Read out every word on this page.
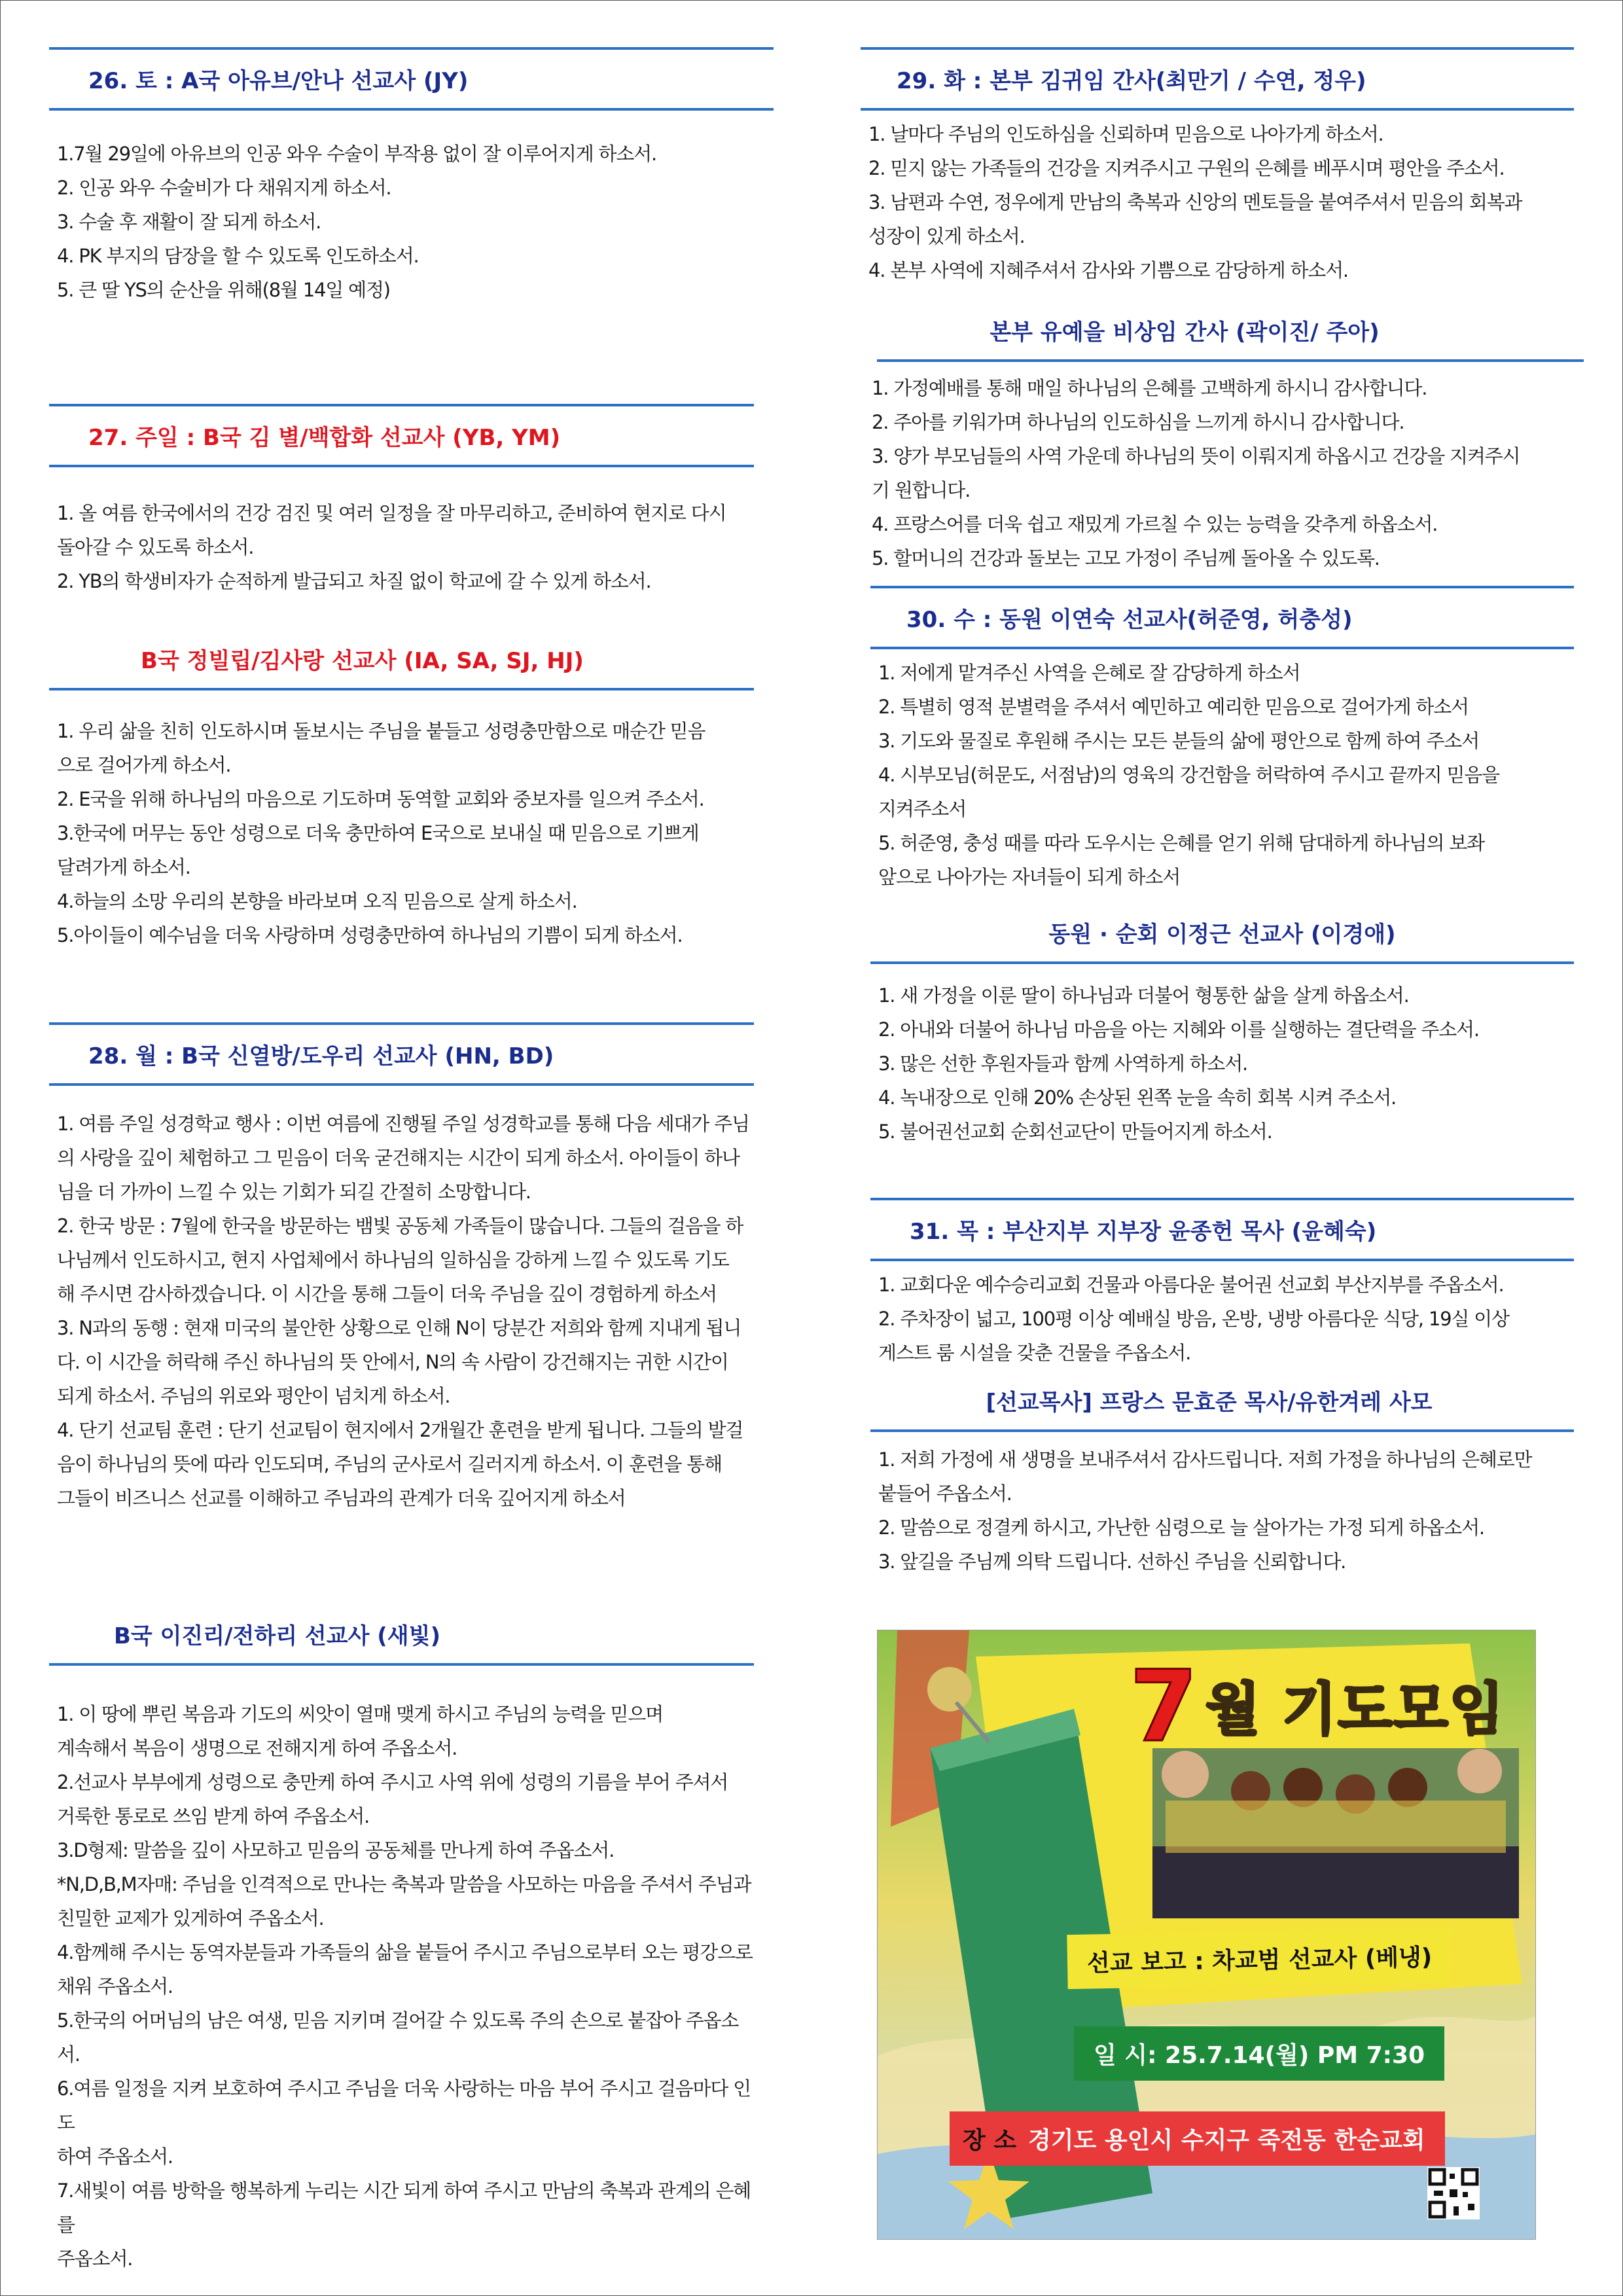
26. 토 : A국 아유브/안나 선교사 (JY)
1.7월 29일에 아유브의 인공 와우 수술이 부작용 없이 잘 이루어지게 하소서.
2. 인공 와우 수술비가 다 채워지게 하소서.
3. 수술 후 재활이 잘 되게 하소서.
4. PK 부지의 담장을 할 수 있도록 인도하소서.
5. 큰 딸 YS의 순산을 위해(8월 14일 예정)
27. 주일 : B국 김 별/백합화 선교사 (YB, YM)
1. 올 여름 한국에서의 건강 검진 및 여러 일정을 잘 마무리하고, 준비하여 현지로 다시
돌아갈 수 있도록 하소서.
2. YB의 학생비자가 순적하게 발급되고 차질 없이 학교에 갈 수 있게 하소서.
B국 정빌립/김사랑 선교사 (IA, SA, SJ, HJ)
1. 우리 삶을 친히 인도하시며 돌보시는 주님을 붙들고 성령충만함으로 매순간 믿음
으로 걸어가게 하소서.
2. E국을 위해 하나님의 마음으로 기도하며 동역할 교회와 중보자를 일으켜 주소서.
3.한국에 머무는 동안 성령으로 더욱 충만하여 E국으로 보내실 때 믿음으로 기쁘게
달려가게 하소서.
4.하늘의 소망 우리의 본향을 바라보며 오직 믿음으로 살게 하소서.
5.아이들이 예수님을 더욱 사랑하며 성령충만하여 하나님의 기쁨이 되게 하소서.
28. 월 : B국 신열방/도우리 선교사 (HN, BD)
1. 여름 주일 성경학교 행사 : 이번 여름에 진행될 주일 성경학교를 통해 다음 세대가 주님
의 사랑을 깊이 체험하고 그 믿음이 더욱 굳건해지는 시간이 되게 하소서. 아이들이 하나
님을 더 가까이 느낄 수 있는 기회가 되길 간절히 소망합니다.
2. 한국 방문 : 7월에 한국을 방문하는 뱀빛 공동체 가족들이 많습니다. 그들의 걸음을 하
나님께서 인도하시고, 현지 사업체에서 하나님의 일하심을 강하게 느낄 수 있도록 기도
해 주시면 감사하겠습니다. 이 시간을 통해 그들이 더욱 주님을 깊이 경험하게 하소서
3. N과의 동행 : 현재 미국의 불안한 상황으로 인해 N이 당분간 저희와 함께 지내게 됩니
다. 이 시간을 허락해 주신 하나님의 뜻 안에서, N의 속 사람이 강건해지는 귀한 시간이
되게 하소서. 주님의 위로와 평안이 넘치게 하소서.
4. 단기 선교팀 훈련 : 단기 선교팀이 현지에서 2개월간 훈련을 받게 됩니다. 그들의 발걸
음이 하나님의 뜻에 따라 인도되며, 주님의 군사로서 길러지게 하소서. 이 훈련을 통해
그들이 비즈니스 선교를 이해하고 주님과의 관계가 더욱 깊어지게 하소서
B국 이진리/전하리 선교사 (새빛)
1. 이 땅에 뿌린 복음과 기도의 씨앗이 열매 맺게 하시고 주님의 능력을 믿으며
계속해서 복음이 생명으로 전해지게 하여 주옵소서.
2.선교사 부부에게 성령으로 충만케 하여 주시고 사역 위에 성령의 기름을 부어 주셔서
거룩한 통로로 쓰임 받게 하여 주옵소서.
3.D형제: 말씀을 깊이 사모하고 믿음의 공동체를 만나게 하여 주옵소서.
*N,D,B,M자매: 주님을 인격적으로 만나는 축복과 말씀을 사모하는 마음을 주셔서 주님과
친밀한 교제가 있게하여 주옵소서.
4.함께해 주시는 동역자분들과 가족들의 삶을 붙들어 주시고 주님으로부터 오는 평강으로
채워 주옵소서.
5.한국의 어머님의 남은 여생, 믿음 지키며 걸어갈 수 있도록 주의 손으로 붙잡아 주옵소서.
6.여름 일정을 지켜 보호하여 주시고 주님을 더욱 사랑하는 마음 부어 주시고 걸음마다 인도
하여 주옵소서.
7.새빛이 여름 방학을 행복하게 누리는 시간 되게 하여 주시고 만남의 축복과 관계의 은혜를
주옵소서.
29. 화 : 본부 김귀임 간사(최만기 / 수연, 정우)
1. 날마다 주님의 인도하심을 신뢰하며 믿음으로 나아가게 하소서.
2. 믿지 않는 가족들의 건강을 지켜주시고 구원의 은혜를 베푸시며 평안을 주소서.
3. 남편과 수연, 정우에게 만남의 축복과 신앙의 멘토들을 붙여주셔서 믿음의 회복과
성장이 있게 하소서.
4. 본부 사역에 지혜주셔서 감사와 기쁨으로 감당하게 하소서.
본부 유예을 비상임 간사 (곽이진/ 주아)
1. 가정예배를 통해 매일 하나님의 은혜를 고백하게 하시니 감사합니다.
2. 주아를 키워가며 하나님의 인도하심을 느끼게 하시니 감사합니다.
3. 양가 부모님들의 사역 가운데 하나님의 뜻이 이뤄지게 하옵시고 건강을 지켜주시
기 원합니다.
4. 프랑스어를 더욱 쉽고 재밌게 가르칠 수 있는 능력을 갖추게 하옵소서.
5. 할머니의 건강과 돌보는 고모 가정이 주님께 돌아올 수 있도록.
30. 수 : 동원 이연숙 선교사(허준영, 허충성)
1. 저에게 맡겨주신 사역을 은혜로 잘 감당하게 하소서
2. 특별히 영적 분별력을 주셔서 예민하고 예리한 믿음으로 걸어가게 하소서
3. 기도와 물질로 후원해 주시는 모든 분들의 삶에 평안으로 함께 하여 주소서
4. 시부모님(허문도, 서점남)의 영육의 강건함을 허락하여 주시고 끝까지 믿음을
지켜주소서
5. 허준영, 충성 때를 따라 도우시는 은혜를 얻기 위해 담대하게 하나님의 보좌
앞으로 나아가는 자녀들이 되게 하소서
동원 · 순회 이정근 선교사 (이경애)
1. 새 가정을 이룬 딸이 하나님과 더불어 형통한 삶을 살게 하옵소서.
2. 아내와 더불어 하나님 마음을 아는 지혜와 이를 실행하는 결단력을 주소서.
3. 많은 선한 후원자들과 함께 사역하게 하소서.
4. 녹내장으로 인해 20% 손상된 왼쪽 눈을 속히 회복 시켜 주소서.
5. 불어권선교회 순회선교단이 만들어지게 하소서.
31. 목 : 부산지부 지부장 윤종헌 목사 (윤혜숙)
1. 교회다운 예수승리교회 건물과 아름다운 불어권 선교회 부산지부를 주옵소서.
2. 주차장이 넓고, 100평 이상 예배실 방음, 온방, 냉방 아름다운 식당, 19실 이상
게스트 룸 시설을 갖춘 건물을 주옵소서.
[선교목사] 프랑스 문효준 목사/유한겨레 사모
1. 저희 가정에 새 생명을 보내주셔서 감사드립니다. 저희 가정을 하나님의 은혜로만
붙들어 주옵소서.
2. 말씀으로 정결케 하시고, 가난한 심령으로 늘 살아가는 가정 되게 하옵소서.
3. 앞길을 주님께 의탁 드립니다. 선하신 주님을 신뢰합니다.
7 월 기도모임
선교 보고 : 차교범 선교사 (베냉)
일 시: 25.7.14(월) PM 7:30
장 소 경기도 용인시 수지구 죽전동 한순교회
